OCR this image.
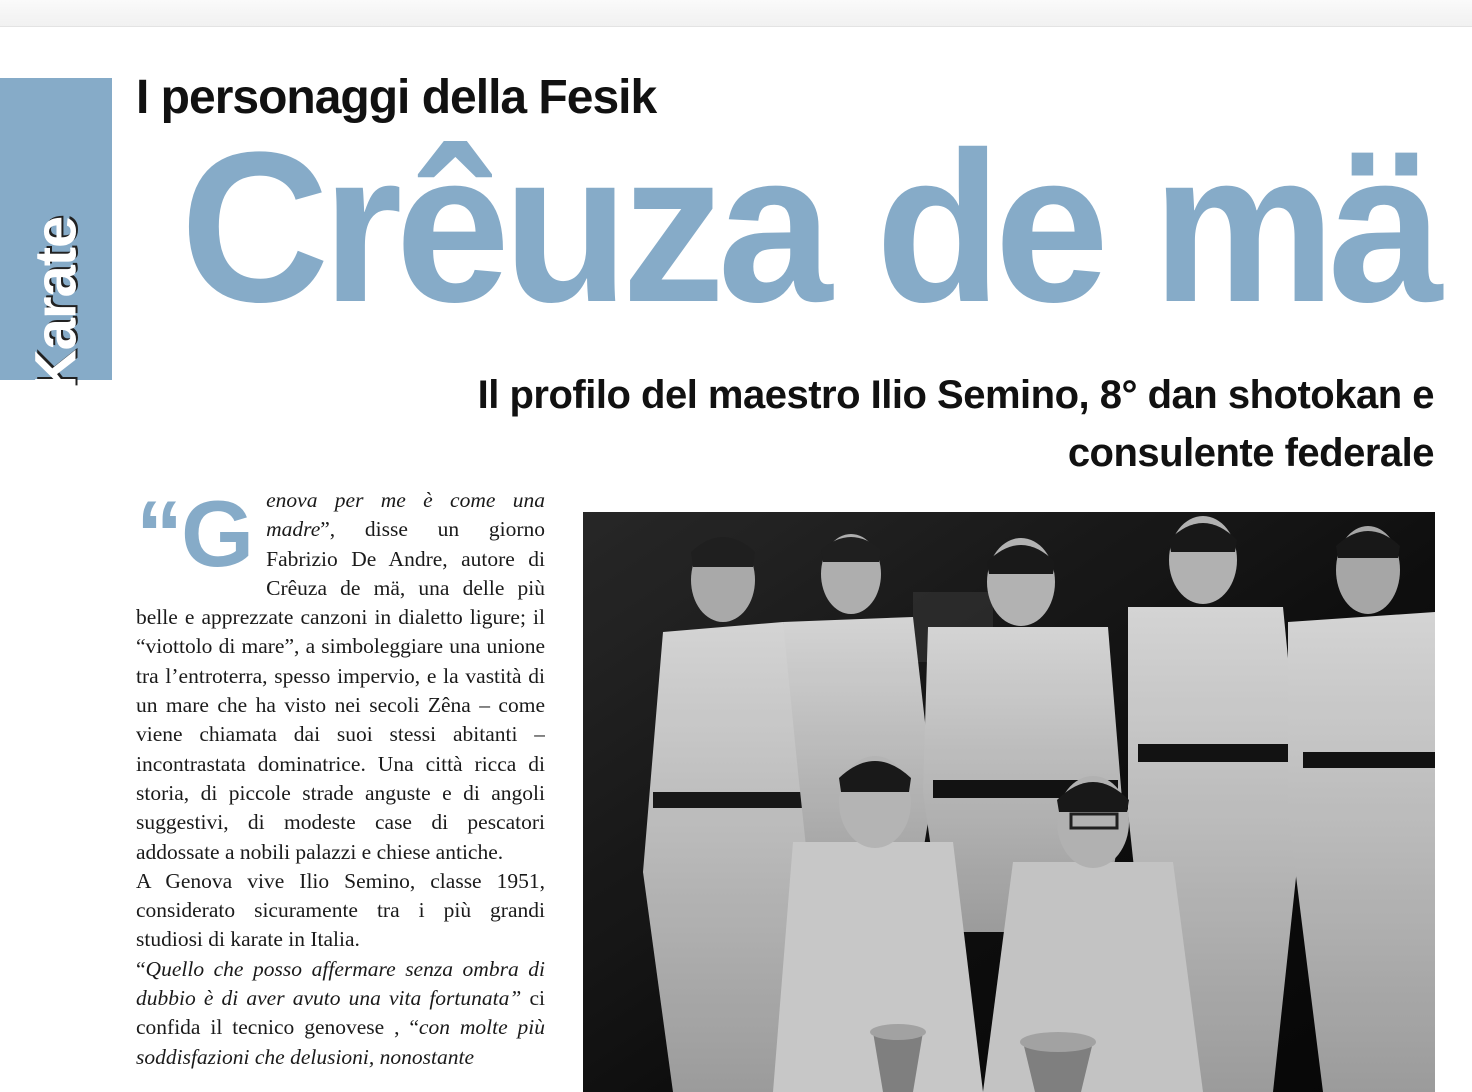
Karate
I personaggi della Fesik
Crêuza de mä
Il profilo del maestro Ilio Semino, 8° dan shotokan e consulente federale

“G enova per me è come una madre”, disse un giorno Fabrizio De Andre, autore di Crêuza de mä, una delle più belle e apprezzate canzoni in dialetto ligure; il “viottolo di mare”, a simboleggiare una unione tra l’entroterra, spesso impervio, e la vastità di un mare che ha visto nei secoli Zêna – come viene chiamata dai suoi stessi abitanti – incontrastata dominatrice. Una città ricca di storia, di piccole strade anguste e di angoli suggestivi, di modeste case di pescatori addossate a nobili palazzi e chiese antiche.

A Genova vive Ilio Semino, classe 1951, considerato sicuramente tra i più grandi studiosi di karate in Italia.

“Quello che posso affermare senza ombra di dubbio è di aver avuto una vita fortunata” ci confida il tecnico genovese , “con molte più soddisfazioni che delusioni, nonostante
